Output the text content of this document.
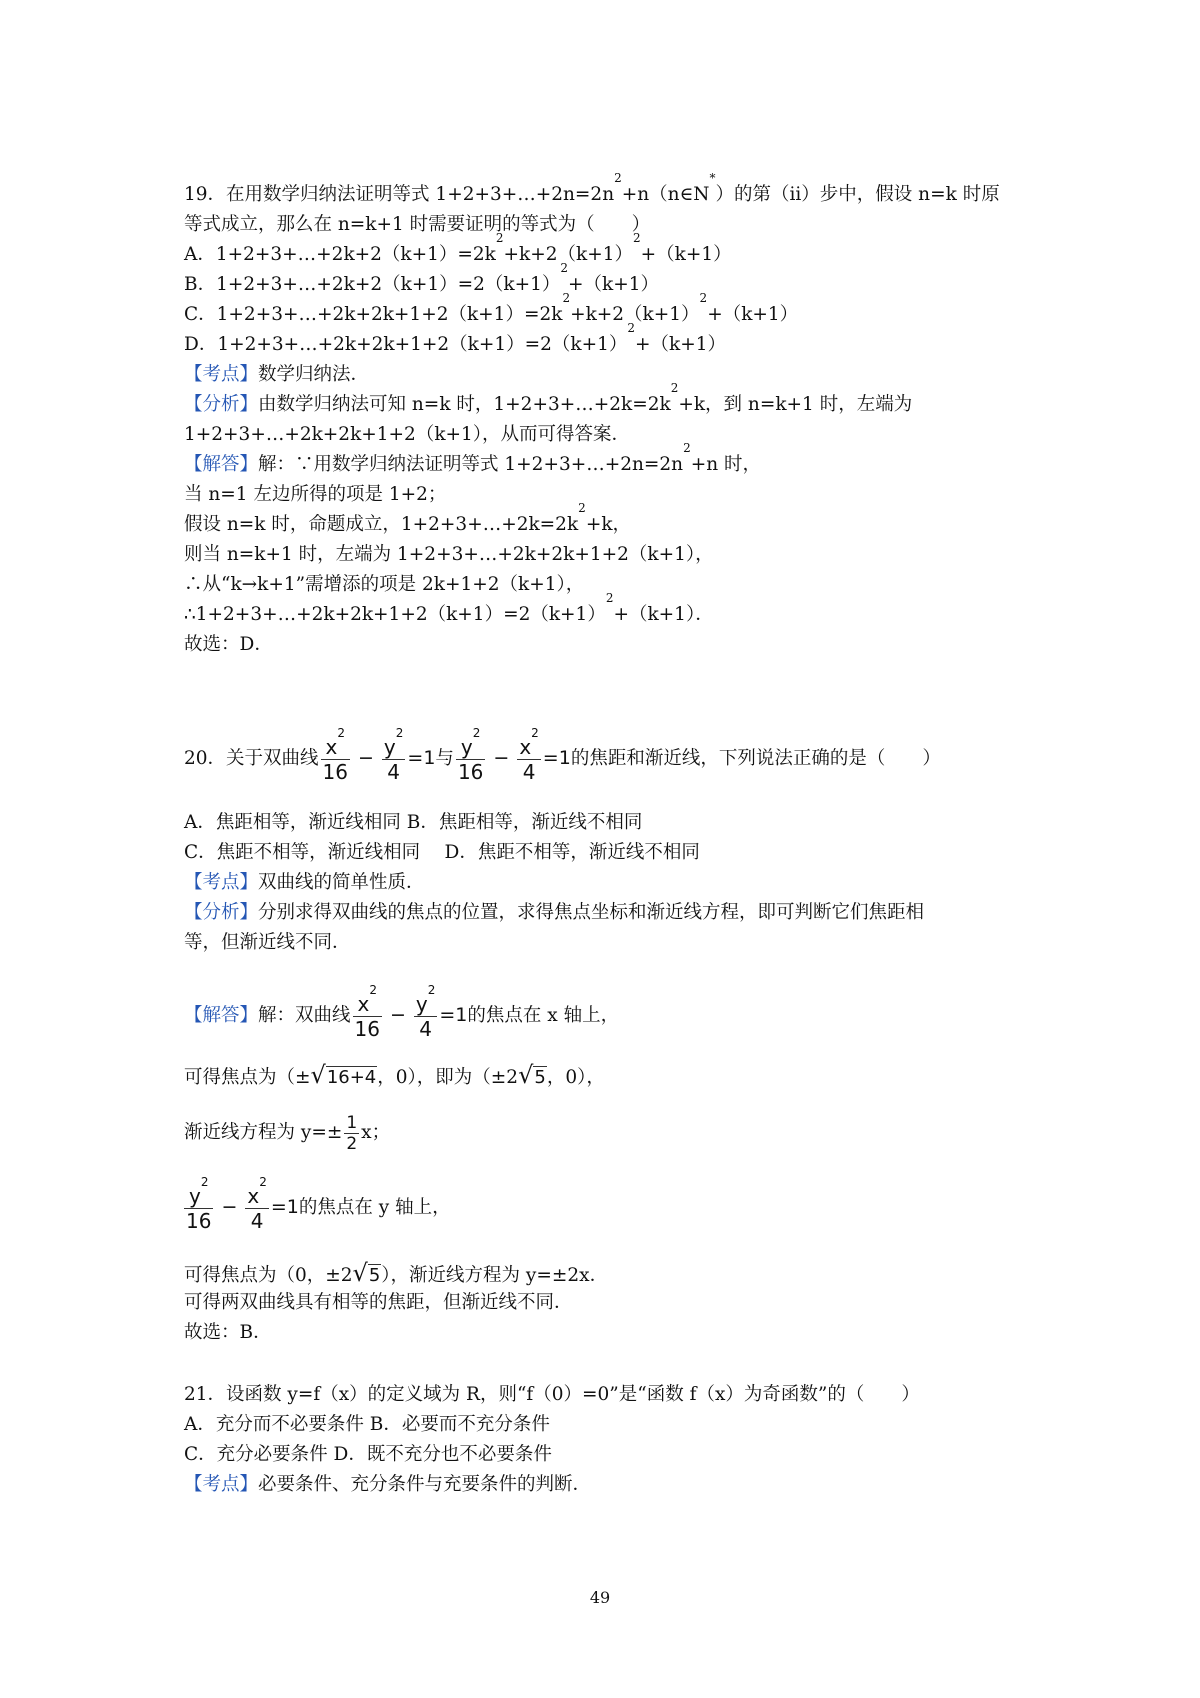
19．在用数学归纳法证明等式 $1+2+3+\dots+2n=2n^2+n(n\in N^*)$的第（ii）步中，假设 n=k 时原
等式成立，那么在 n=k+1 时需要证明的等式为（　　）
A．$1+2+3+\dots+2k+2(k+1)=2k^2+k+2(k+1)^2+(k+1)$
B．$1+2+3+\dots+2k+2(k+1)=2(k+1)^2+(k+1)$
C．$1+2+3+\dots+2k+2k+1+2(k+1)=2k^2+k+2(k+1)^2+(k+1)$
D．$1+2+3+\dots+2k+2k+1+2(k+1)=2(k+1)^2+(k+1)$
【考点】数学归纳法．
【分析】由数学归纳法可知 n=k 时，$1+2+3+\dots+2k=2k^2+k$，到 n=k+1 时，左端为
1+2+3+…+2k+2k+1+2（k+1），从而可得答案．
【解答】解：∵用数学归纳法证明等式 $1+2+3+\dots+2n=2n^2+n$ 时，
当 n=1 左边所得的项是 1+2；
假设 n=k 时，命题成立，$1+2+3+\dots+2k=2k^2+k$，
则当 n=k+1 时，左端为 1+2+3+…+2k+2k+1+2（k+1），
∴从“k→k+1”需增添的项是 2k+1+2（k+1），
$\therefore 1+2+3+\dots+2k+2k+1+2(k+1)=2(k+1)^2+(k+1)$．
故选：D．
20．关于双曲线 $\frac{x^2}{16} - \frac{y^2}{4} =1$与 $\frac{y^2}{16} - \frac{x^2}{4} =1$的焦距和渐近线，下列说法正确的是（　　）
A．焦距相等，渐近线相同 B．焦距相等，渐近线不相同
C．焦距不相等，渐近线相同　 D．焦距不相等，渐近线不相同
【考点】双曲线的简单性质．
【分析】分别求得双曲线的焦点的位置，求得焦点坐标和渐近线方程，即可判断它们焦距相
等，但渐近线不同．
【解答】解：双曲线 $\frac{x^2}{16} - \frac{y^2}{4} =1$的焦点在 x 轴上，
可得焦点为（±√16+4，0），即为（±2√5，0），
渐近线方程为 $y=\pm \frac{1}{2}$ x；
$\frac{y^2}{16} - \frac{x^2}{4} =1$的焦点在 y 轴上，
可得焦点为（0，±2√5），渐近线方程为 y=±2x．
可得两双曲线具有相等的焦距，但渐近线不同．
故选：B．
21．设函数 y=f（x）的定义域为 R，则“f（0）=0”是“函数 f（x）为奇函数”的（　　）
A．充分而不必要条件 B．必要而不充分条件
C．充分必要条件 D．既不充分也不必要条件
【考点】必要条件、充分条件与充要条件的判断．
49
